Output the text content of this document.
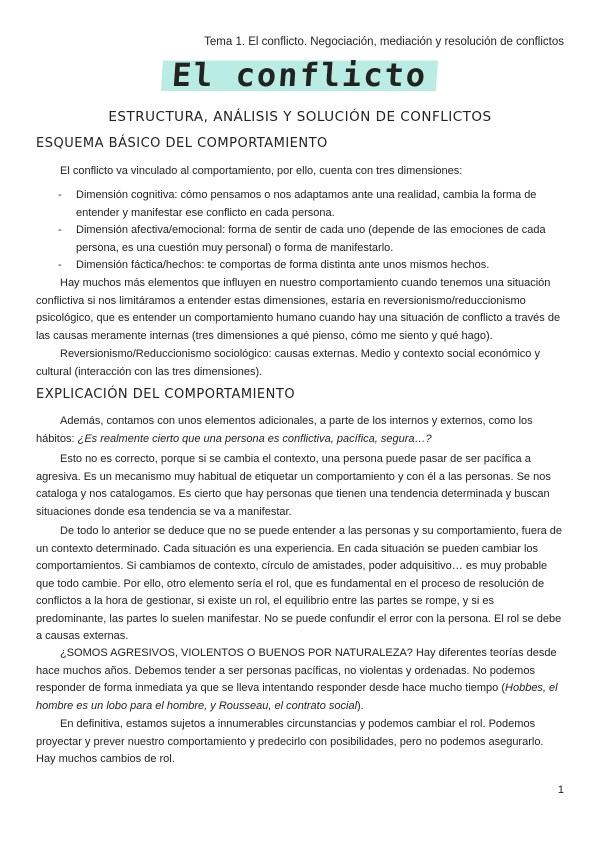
Tema 1. El conflicto. Negociación, mediación y resolución de conflictos
El conflicto
ESTRUCTURA, ANÁLISIS Y SOLUCIÓN DE CONFLICTOS
ESQUEMA BÁSICO DEL COMPORTAMIENTO
El conflicto va vinculado al comportamiento, por ello, cuenta con tres dimensiones:
- Dimensión cognitiva: cómo pensamos o nos adaptamos ante una realidad, cambia la forma de entender y manifestar ese conflicto en cada persona.
- Dimensión afectiva/emocional: forma de sentir de cada uno (depende de las emociones de cada persona, es una cuestión muy personal) o forma de manifestarlo.
- Dimensión fáctica/hechos: te comportas de forma distinta ante unos mismos hechos.
Hay muchos más elementos que influyen en nuestro comportamiento cuando tenemos una situación conflictiva si nos limitáramos a entender estas dimensiones, estaría en reversionismo/reduccionismo psicológico, que es entender un comportamiento humano cuando hay una situación de conflicto a través de las causas meramente internas (tres dimensiones a qué pienso, cómo me siento y qué hago).
Reversionismo/Reduccionismo sociológico: causas externas. Medio y contexto social económico y cultural (interacción con las tres dimensiones).
EXPLICACIÓN DEL COMPORTAMIENTO
Además, contamos con unos elementos adicionales, a parte de los internos y externos, como los hábitos: ¿Es realmente cierto que una persona es conflictiva, pacífica, segura…?
Esto no es correcto, porque si se cambia el contexto, una persona puede pasar de ser pacífica a agresiva. Es un mecanismo muy habitual de etiquetar un comportamiento y con él a las personas. Se nos cataloga y nos catalogamos. Es cierto que hay personas que tienen una tendencia determinada y buscan situaciones donde esa tendencia se va a manifestar.
De todo lo anterior se deduce que no se puede entender a las personas y su comportamiento, fuera de un contexto determinado. Cada situación es una experiencia. En cada situación se pueden cambiar los comportamientos. Si cambiamos de contexto, círculo de amistades, poder adquisitivo… es muy probable que todo cambie. Por ello, otro elemento sería el rol, que es fundamental en el proceso de resolución de conflictos a la hora de gestionar, si existe un rol, el equilibrio entre las partes se rompe, y si es predominante, las partes lo suelen manifestar. No se puede confundir el error con la persona. El rol se debe a causas externas.
¿SOMOS AGRESIVOS, VIOLENTOS O BUENOS POR NATURALEZA? Hay diferentes teorías desde hace muchos años. Debemos tender a ser personas pacíficas, no violentas y ordenadas. No podemos responder de forma inmediata ya que se lleva intentando responder desde hace mucho tiempo (Hobbes, el hombre es un lobo para el hombre, y Rousseau, el contrato social).
En definitiva, estamos sujetos a innumerables circunstancias y podemos cambiar el rol. Podemos proyectar y prever nuestro comportamiento y predecirlo con posibilidades, pero no podemos asegurarlo. Hay muchos cambios de rol.
1
